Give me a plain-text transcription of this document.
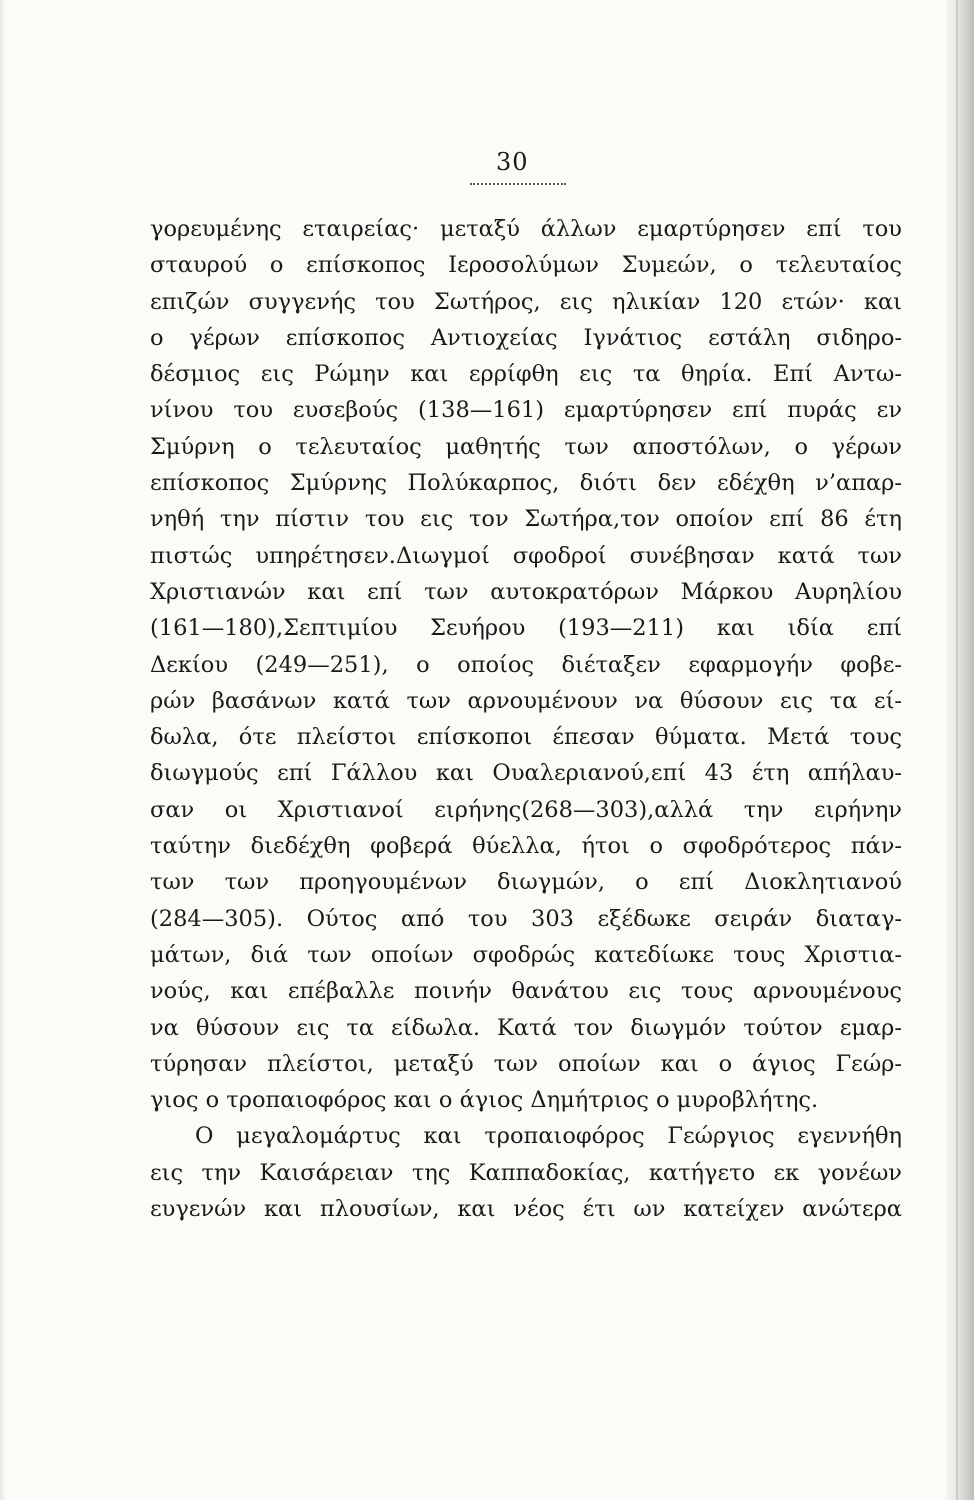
30
γορευμένης εταιρείας· μεταξύ άλλων εμαρτύρησεν επί του
σταυρού ο επίσκοπος Ιεροσολύμων Συμεών, ο τελευταίος
επιζών συγγενής του Σωτήρος, εις ηλικίαν 120 ετών· και
ο γέρων επίσκοπος Αντιοχείας Ιγνάτιος εστάλη σιδηρο-
δέσμιος εις Ρώμην και ερρίφθη εις τα θηρία. Επί Αντω-
νίνου του ευσεβούς (138—161) εμαρτύρησεν επί πυράς εν
Σμύρνη ο τελευταίος μαθητής των αποστόλων, ο γέρων
επίσκοπος Σμύρνης Πολύκαρπος, διότι δεν εδέχθη ν’απαρ-
νηθή την πίστιν του εις τον Σωτήρα,τον οποίον επί 86 έτη
πιστώς υπηρέτησεν.Διωγμοί σφοδροί συνέβησαν κατά των
Χριστιανών και επί των αυτοκρατόρων Μάρκου Αυρηλίου
(161—180),Σεπτιμίου Σευήρου (193—211) και ιδία επί
Δεκίου (249—251), ο οποίος διέταξεν εφαρμογήν φοβε-
ρών βασάνων κατά των αρνουμένουν να θύσουν εις τα εί-
δωλα, ότε πλείστοι επίσκοποι έπεσαν θύματα. Μετά τους
διωγμούς επί Γάλλου και Ουαλεριανού,επί 43 έτη απήλαυ-
σαν οι Χριστιανοί ειρήνης(268—303),αλλά την ειρήνην
ταύτην διεδέχθη φοβερά θύελλα, ήτοι ο σφοδρότερος πάν-
των των προηγουμένων διωγμών, ο επί Διοκλητιανού
(284—305). Ούτος από του 303 εξέδωκε σειράν διαταγ-
μάτων, διά των οποίων σφοδρώς κατεδίωκε τους Χριστια-
νούς, και επέβαλλε ποινήν θανάτου εις τους αρνουμένους
να θύσουν εις τα είδωλα. Κατά τον διωγμόν τούτον εμαρ-
τύρησαν πλείστοι, μεταξύ των οποίων και ο άγιος Γεώρ-
γιος ο τροπαιοφόρος και ο άγιος Δημήτριος ο μυροβλήτης.
Ο μεγαλομάρτυς και τροπαιοφόρος Γεώργιος εγεννήθη
εις την Καισάρειαν της Καππαδοκίας, κατήγετο εκ γονέων
ευγενών και πλουσίων, και νέος έτι ων κατείχεν ανώτερα
